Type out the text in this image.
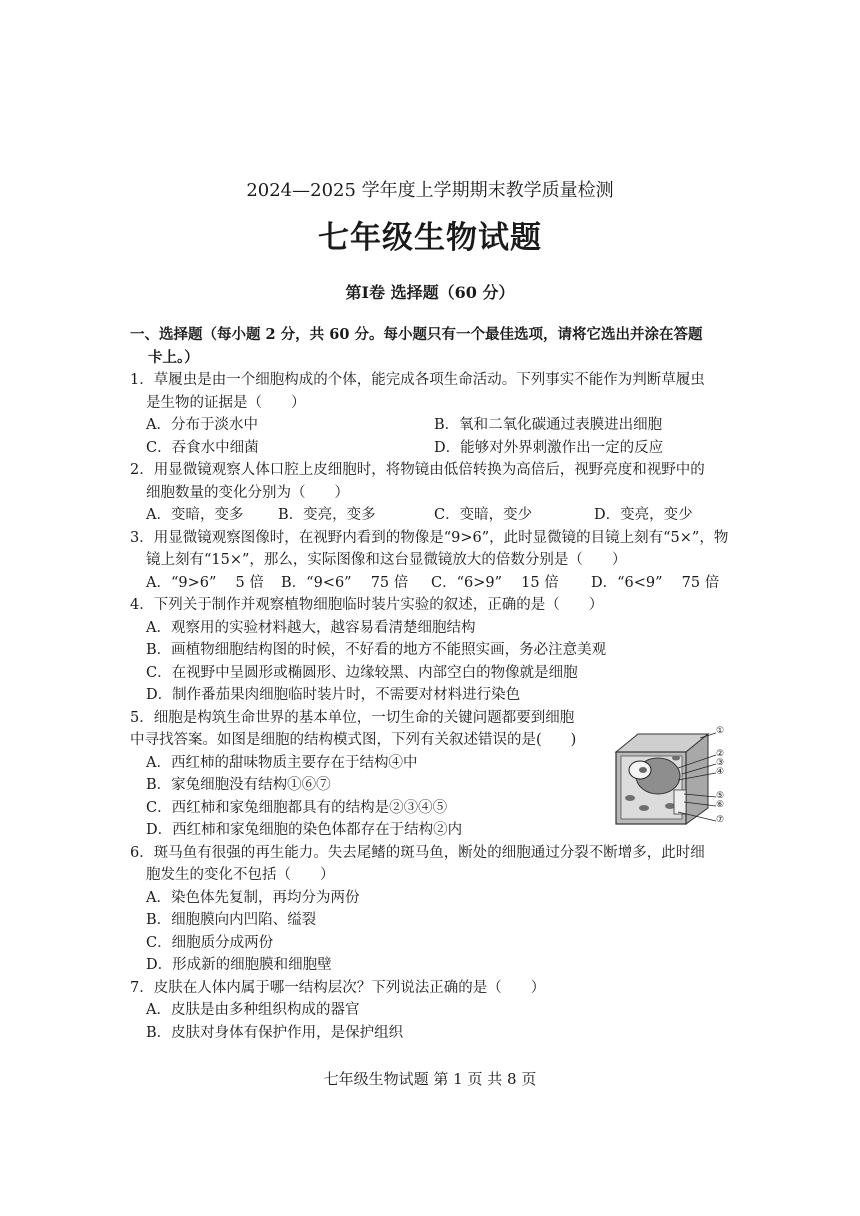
2024—2025 学年度上学期期末教学质量检测
七年级生物试题
第Ⅰ卷 选择题（60 分）
一、选择题（每小题 2 分，共 60 分。每小题只有一个最佳选项，请将它选出并涂在答题
卡上。）
1．草履虫是由一个细胞构成的个体，能完成各项生命活动。下列事实不能作为判断草履虫
是生物的证据是（　　）
A．分布于淡水中	B．氧和二氧化碳通过表膜进出细胞
C．吞食水中细菌	D．能够对外界刺激作出一定的反应
2．用显微镜观察人体口腔上皮细胞时，将物镜由低倍转换为高倍后，视野亮度和视野中的
细胞数量的变化分别为（　　）
A．变暗，变多	B．变亮，变多	C．变暗，变少	D．变亮，变少
3．用显微镜观察图像时，在视野内看到的物像是“9>6”，此时显微镜的目镜上刻有“5×”，物
镜上刻有“15×”，那么，实际图像和这台显微镜放大的倍数分别是（　　）
A．“9>6”　 5 倍	B．“9<6”　 75 倍	C．“6>9”　 15 倍	D．“6<9”　 75 倍
4．下列关于制作并观察植物细胞临时装片实验的叙述，正确的是（　　）
A．观察用的实验材料越大，越容易看清楚细胞结构
B．画植物细胞结构图的时候，不好看的地方不能照实画，务必注意美观
C．在视野中呈圆形或椭圆形、边缘较黑、内部空白的物像就是细胞
D．制作番茄果肉细胞临时装片时，不需要对材料进行染色
5．细胞是构筑生命世界的基本单位，一切生命的关键问题都要到细胞
中寻找答案。如图是细胞的结构模式图，下列有关叙述错误的是(　　)
A．西红柿的甜味物质主要存在于结构④中
B．家兔细胞没有结构①⑥⑦
C．西红柿和家兔细胞都具有的结构是②③④⑤
D．西红柿和家兔细胞的染色体都存在于结构②内
6．斑马鱼有很强的再生能力。失去尾鳍的斑马鱼，断处的细胞通过分裂不断增多，此时细
胞发生的变化不包括（　　）
A．染色体先复制，再均分为两份
B．细胞膜向内凹陷、缢裂
C．细胞质分成两份
D．形成新的细胞膜和细胞壁
7．皮肤在人体内属于哪一结构层次？下列说法正确的是（　　）
A．皮肤是由多种组织构成的器官
B．皮肤对身体有保护作用，是保护组织
①
②
③
④
⑤
⑥
⑦
七年级生物试题 第 1 页 共 8 页
